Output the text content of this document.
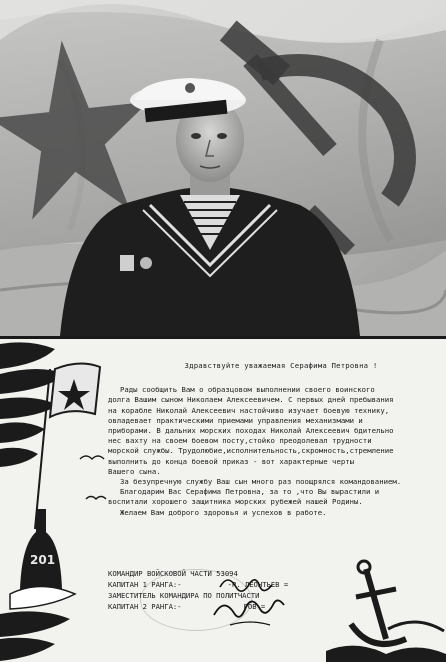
201
Здравствуйте уважаемая Серафима Петровна !
Рады сообщить Вам о образцовом выполнении своего воинского
долга Вашим сыном Николаем Алексеевичем. С первых дней пребывания
на корабле Николай Алексеевич настойчиво изучает боевую технику,
овладевает практическими приемами управления механизмами и
приборами. В дальних морских походах Николай Алексеевич бдительно
нес вахту на своем боевом посту,стойко преодолевал трудности
морской службы. Трудолюбие,исполнительность,скромность,стремление
выполнить до конца боевой приказ - вот характерные черты
Вашего сына.
За безупречную службу Ваш сын много раз поощрялся командованием.
Благодарим Вас Серафима Петровна, за то ,что Вы вырастили и
воспитали хорошего защитника морских рубежей нашей Родины.
Желаем Вам доброго здоровья и успехов в работе.
КОМАНДИР ВОЙСКОВОЙ ЧАСТИ 53094
КАПИТАН 1 РАНГА:-	-Р. ЛЕОНТЬЕВ =
ЗАМЕСТИТЕЛЬ КОМАНДИРА ПО ПОЛИТЧАСТИ
КАПИТАН 2 РАНГА:-	РОВ =
